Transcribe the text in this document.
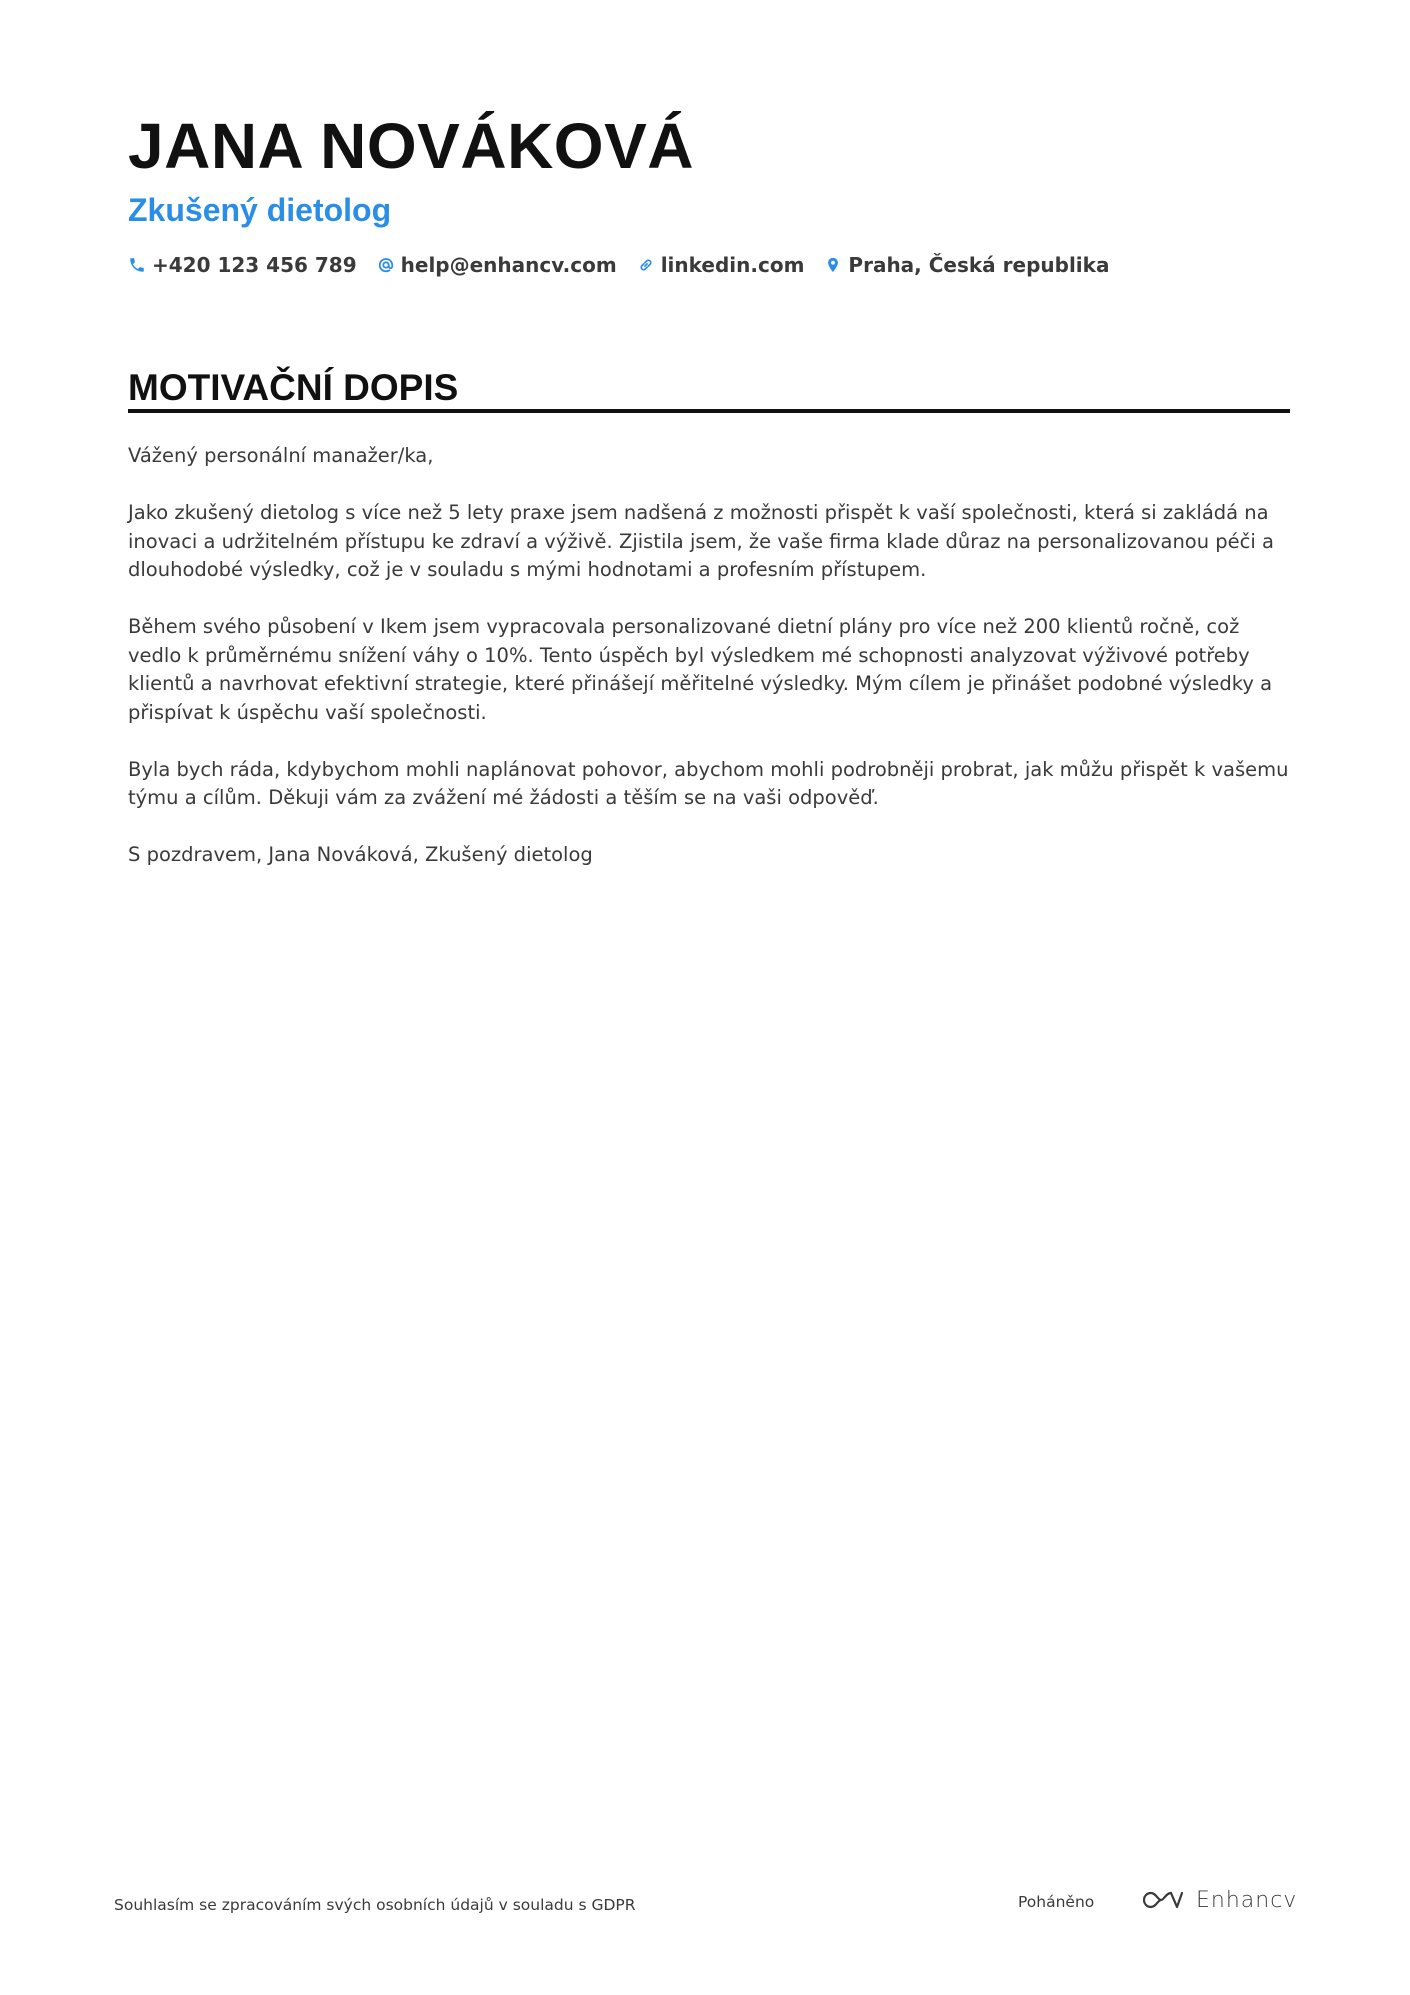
JANA NOVÁKOVÁ
Zkušený dietolog
+420 123 456 789 help@enhancv.com linkedin.com Praha, Česká republika
MOTIVAČNÍ DOPIS

Vážený personální manažer/ka,

Jako zkušený dietolog s více než 5 lety praxe jsem nadšená z možnosti přispět k vaší společnosti, která si zakládá na inovaci a udržitelném přístupu ke zdraví a výživě. Zjistila jsem, že vaše firma klade důraz na personalizovanou péči a dlouhodobé výsledky, což je v souladu s mými hodnotami a profesním přístupem.

Během svého působení v Ikem jsem vypracovala personalizované dietní plány pro více než 200 klientů ročně, což vedlo k průměrnému snížení váhy o 10%. Tento úspěch byl výsledkem mé schopnosti analyzovat výživové potřeby klientů a navrhovat efektivní strategie, které přinášejí měřitelné výsledky. Mým cílem je přinášet podobné výsledky a přispívat k úspěchu vaší společnosti.

Byla bych ráda, kdybychom mohli naplánovat pohovor, abychom mohli podrobněji probrat, jak můžu přispět k vašemu týmu a cílům. Děkuji vám za zvážení mé žádosti a těším se na vaši odpověď.

S pozdravem, Jana Nováková, Zkušený dietolog

Souhlasím se zpracováním svých osobních údajů v souladu s GDPR	Poháněno	Enhancv
